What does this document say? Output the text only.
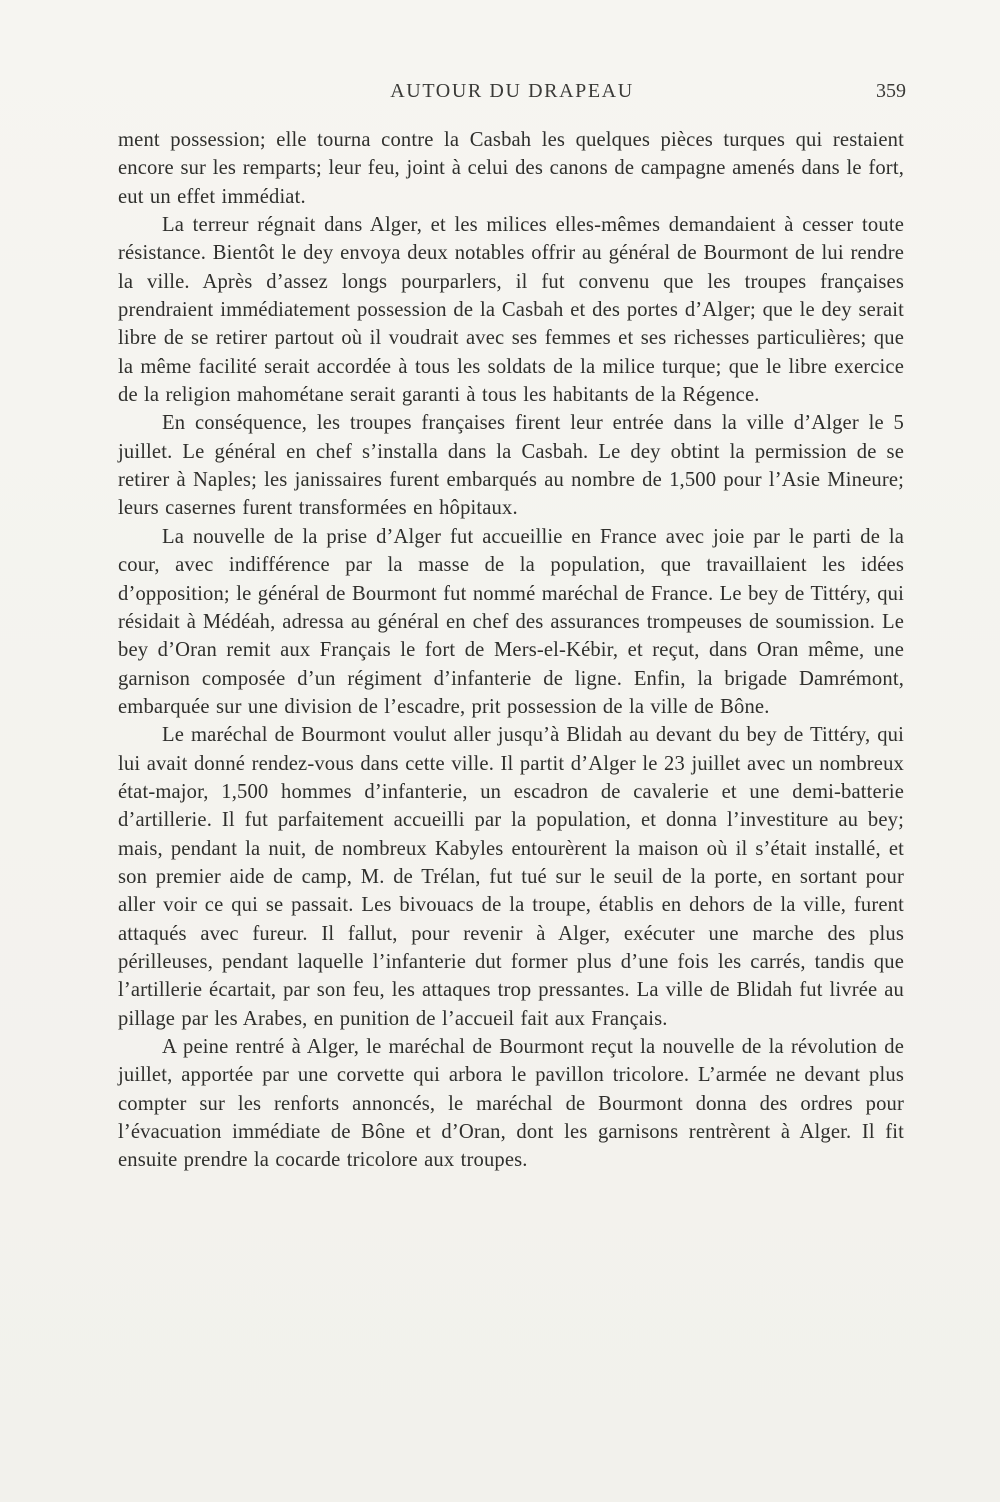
AUTOUR DU DRAPEAU	359

ment possession; elle tourna contre la Casbah les quelques pièces turques qui restaient encore sur les remparts; leur feu, joint à celui des canons de campagne amenés dans le fort, eut un effet immédiat.

La terreur régnait dans Alger, et les milices elles-mêmes demandaient à cesser toute résistance. Bientôt le dey envoya deux notables offrir au général de Bourmont de lui rendre la ville. Après d’assez longs pourparlers, il fut convenu que les troupes françaises prendraient immédiatement possession de la Casbah et des portes d’Alger; que le dey serait libre de se retirer partout où il voudrait avec ses femmes et ses richesses particulières; que la même facilité serait accordée à tous les soldats de la milice turque; que le libre exercice de la religion mahométane serait garanti à tous les habitants de la Régence.

En conséquence, les troupes françaises firent leur entrée dans la ville d’Alger le 5 juillet. Le général en chef s’installa dans la Casbah. Le dey obtint la permission de se retirer à Naples; les janissaires furent embarqués au nombre de 1,500 pour l’Asie Mineure; leurs casernes furent transformées en hôpitaux.

La nouvelle de la prise d’Alger fut accueillie en France avec joie par le parti de la cour, avec indifférence par la masse de la population, que travaillaient les idées d’opposition; le général de Bourmont fut nommé maréchal de France. Le bey de Tittéry, qui résidait à Médéah, adressa au général en chef des assurances trompeuses de soumission. Le bey d’Oran remit aux Français le fort de Mers-el-Kébir, et reçut, dans Oran même, une garnison composée d’un régiment d’infanterie de ligne. Enfin, la brigade Damrémont, embarquée sur une division de l’escadre, prit possession de la ville de Bône.

Le maréchal de Bourmont voulut aller jusqu’à Blidah au devant du bey de Tittéry, qui lui avait donné rendez-vous dans cette ville. Il partit d’Alger le 23 juillet avec un nombreux état-major, 1,500 hommes d’infanterie, un escadron de cavalerie et une demi-batterie d’artillerie. Il fut parfaitement accueilli par la population, et donna l’investiture au bey; mais, pendant la nuit, de nombreux Kabyles entourèrent la maison où il s’était installé, et son premier aide de camp, M. de Trélan, fut tué sur le seuil de la porte, en sortant pour aller voir ce qui se passait. Les bivouacs de la troupe, établis en dehors de la ville, furent attaqués avec fureur. Il fallut, pour revenir à Alger, exécuter une marche des plus périlleuses, pendant laquelle l’infanterie dut former plus d’une fois les carrés, tandis que l’artillerie écartait, par son feu, les attaques trop pressantes. La ville de Blidah fut livrée au pillage par les Arabes, en punition de l’accueil fait aux Français.

A peine rentré à Alger, le maréchal de Bourmont reçut la nouvelle de la révolution de juillet, apportée par une corvette qui arbora le pavillon tricolore. L’armée ne devant plus compter sur les renforts annoncés, le maréchal de Bourmont donna des ordres pour l’évacuation immédiate de Bône et d’Oran, dont les garnisons rentrèrent à Alger. Il fit ensuite prendre la cocarde tricolore aux troupes.
